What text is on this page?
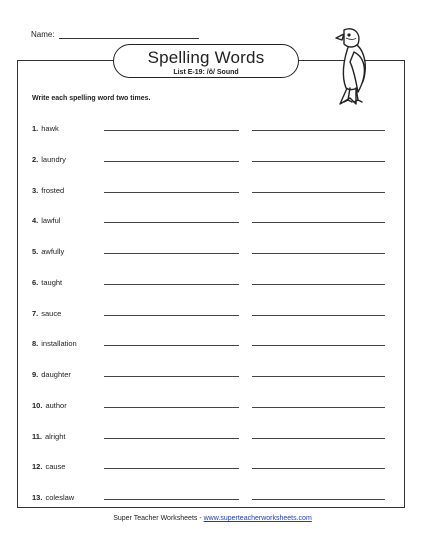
Name:
Spelling Words
List E-19: /ô/ Sound
Write each spelling word two times.
1. hawk
2. laundry
3. frosted
4. lawful
5. awfully
6. taught
7. sauce
8. installation
9. daughter
10. author
11. alright
12. cause
13. coleslaw
Super Teacher Worksheets - www.superteacherworksheets.com
